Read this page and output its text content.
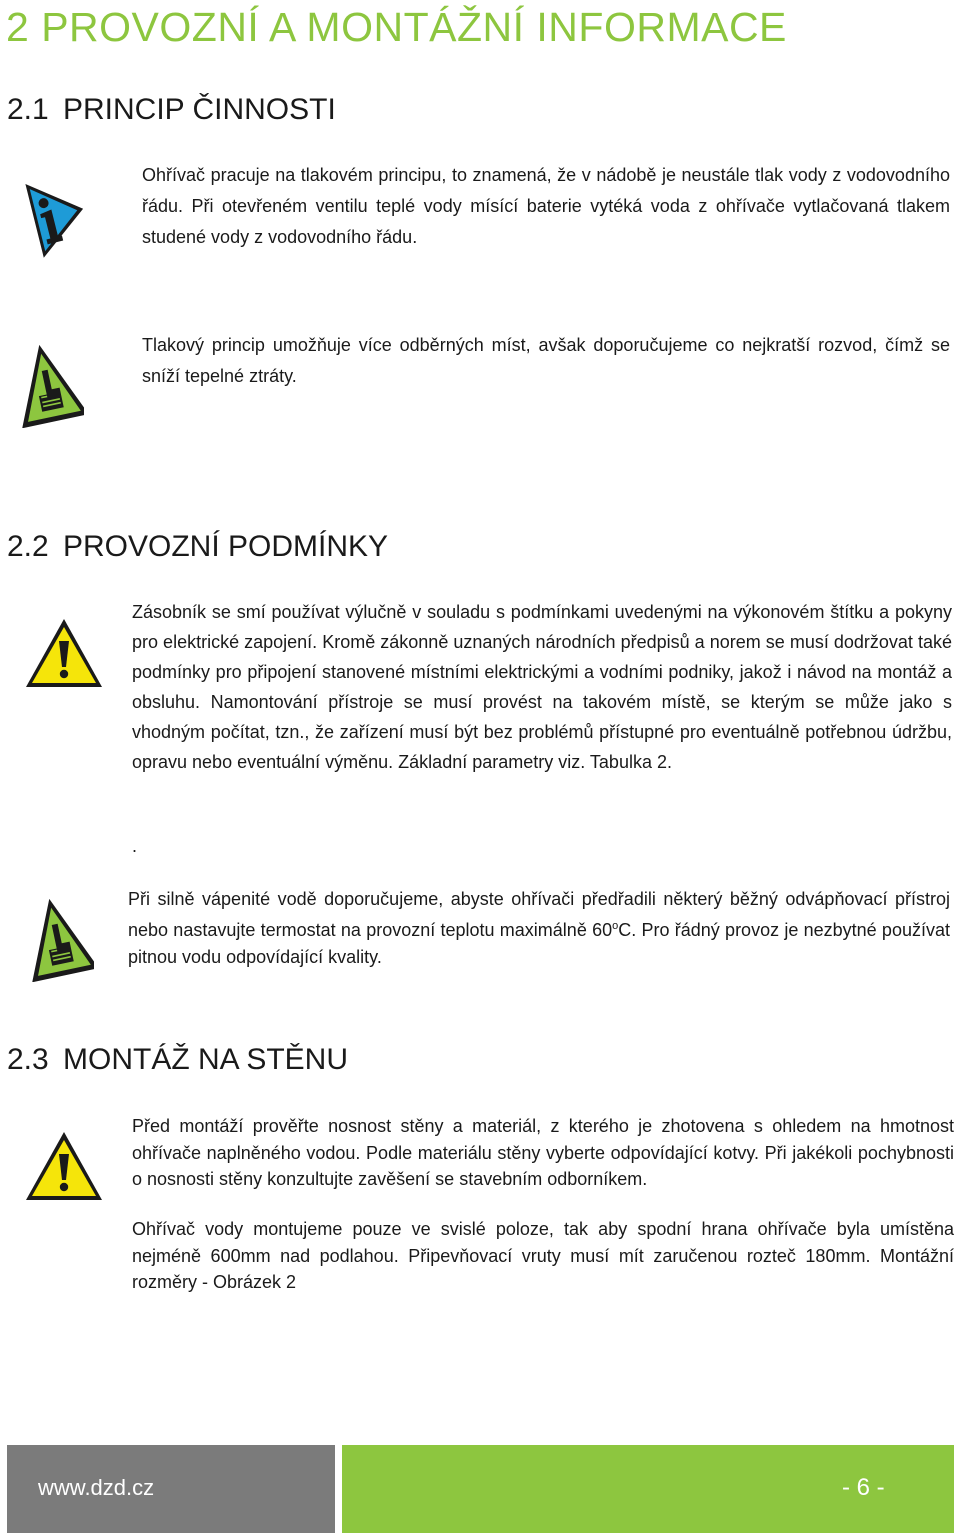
2 PROVOZNÍ A MONTÁŽNÍ INFORMACE
2.1 PRINCIP ČINNOSTI
Ohřívač pracuje na tlakovém principu, to znamená, že v nádobě je neustále tlak vody z vodovodního řádu. Při otevřeném ventilu teplé vody mísící baterie vytéká voda z ohřívače vytlačovaná tlakem studené vody z vodovodního řádu.
Tlakový princip umožňuje více odběrných míst, avšak doporučujeme co nejkratší rozvod, čímž se sníží tepelné ztráty.
2.2 PROVOZNÍ PODMÍNKY
Zásobník se smí používat výlučně v souladu s podmínkami uvedenými na výkonovém štítku a pokyny pro elektrické zapojení. Kromě zákonně uznaných národních předpisů a norem se musí dodržovat také podmínky pro připojení stanovené místními elektrickými a vodními podniky, jakož i návod na montáž a obsluhu. Namontování přístroje se musí provést na takovém místě, se kterým se může jako s vhodným počítat, tzn., že zařízení musí být bez problémů přístupné pro eventuálně potřebnou údržbu, opravu nebo eventuální výměnu. Základní parametry viz. Tabulka 2.
.
Při silně vápenité vodě doporučujeme, abyste ohřívači předřadili některý běžný odvápňovací přístroj nebo nastavujte termostat na provozní teplotu maximálně 60$^o$C. Pro řádný provoz je nezbytné používat pitnou vodu odpovídající kvality.
2.3 MONTÁŽ NA STĚNU
Před montáží prověřte nosnost stěny a materiál, z kterého je zhotovena s ohledem na hmotnost ohřívače naplněného vodou. Podle materiálu stěny vyberte odpovídající kotvy. Při jakékoli pochybnosti o nosnosti stěny konzultujte zavěšení se stavebním odborníkem.
Ohřívač vody montujeme pouze ve svislé poloze, tak aby spodní hrana ohřívače byla umístěna nejméně 600mm nad podlahou. Připevňovací vruty musí mít zaručenou rozteč 180mm. Montážní rozměry - Obrázek 2
www.dzd.cz	- 6 -
